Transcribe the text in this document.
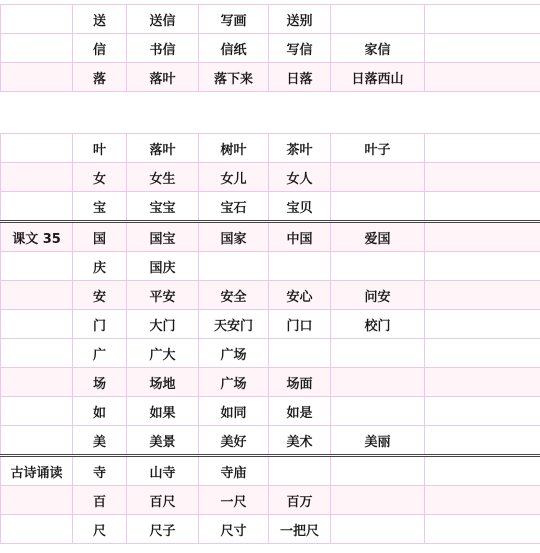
	送	送信	写画	送别		
	信	书信	信纸	写信	家信	
	落	落叶	落下来	日落	日落西山	
	叶	落叶	树叶	茶叶	叶子	
	女	女生	女儿	女人		
	宝	宝宝	宝石	宝贝		
课文 35	国	国宝	国家	中国	爱国	
	庆	国庆				
	安	平安	安全	安心	问安	
	门	大门	天安门	门口	校门	
	广	广大	广场			
	场	场地	广场	场面		
	如	如果	如同	如是		
	美	美景	美好	美术	美丽	
古诗诵读	寺	山寺	寺庙			
	百	百尺	一尺	百万		
	尺	尺子	尺寸	一把尺		
